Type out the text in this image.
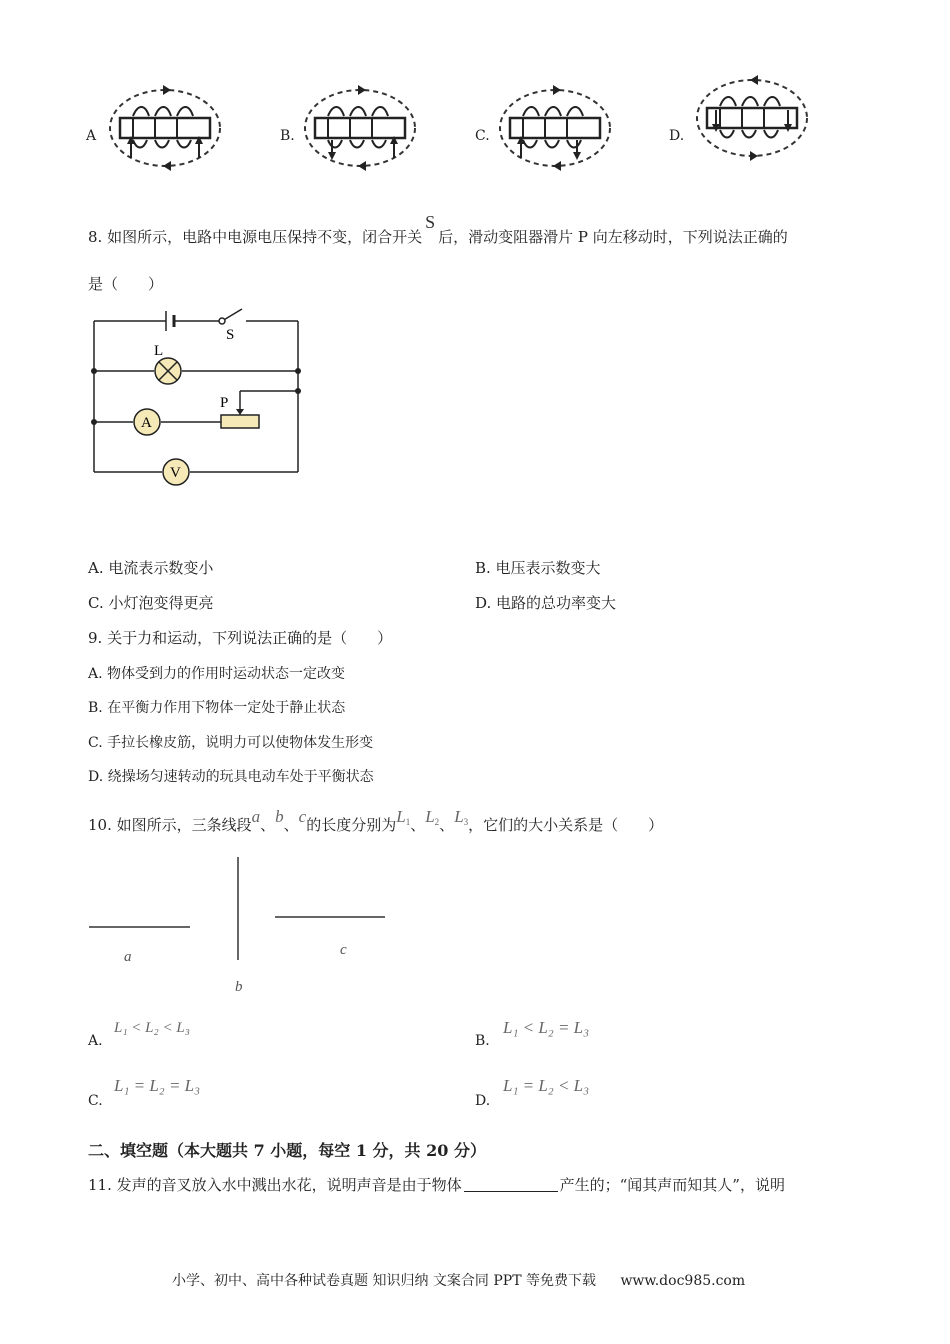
A	B.	C.	D.
8. 如图所示，电路中电源电压保持不变，闭合开关S后，滑动变阻器滑片 P 向左移动时，下列说法正确的
是（　　）
S
L
P
A
V
A. 电流表示数变小	B. 电压表示数变大
C. 小灯泡变得更亮	D. 电路的总功率变大
9. 关于力和运动，下列说法正确的是（　　）
A. 物体受到力的作用时运动状态一定改变
B. 在平衡力作用下物体一定处于静止状态
C. 手拉长橡皮筋，说明力可以使物体发生形变
D. 绕操场匀速转动的玩具电动车处于平衡状态
10. 如图所示，三条线段a、b、c的长度分别为$L_1$、$L_2$、$L_3$，它们的大小关系是（　　）
a
b
c
A.
L₁ < L₂ < L₃
B.
L₁ < L₂ = L₃
C.
L₁ = L₂ = L₃
D.
L₁ = L₂ < L₃
二、填空题（本大题共 7 小题，每空 1 分，共 20 分）
11. 发声的音叉放入水中溅出水花，说明声音是由于物体	产生的；“闻其声而知其人”，说明
小学、初中、高中各种试卷真题 知识归纳 文案合同 PPT 等免费下载 www.doc985.com
